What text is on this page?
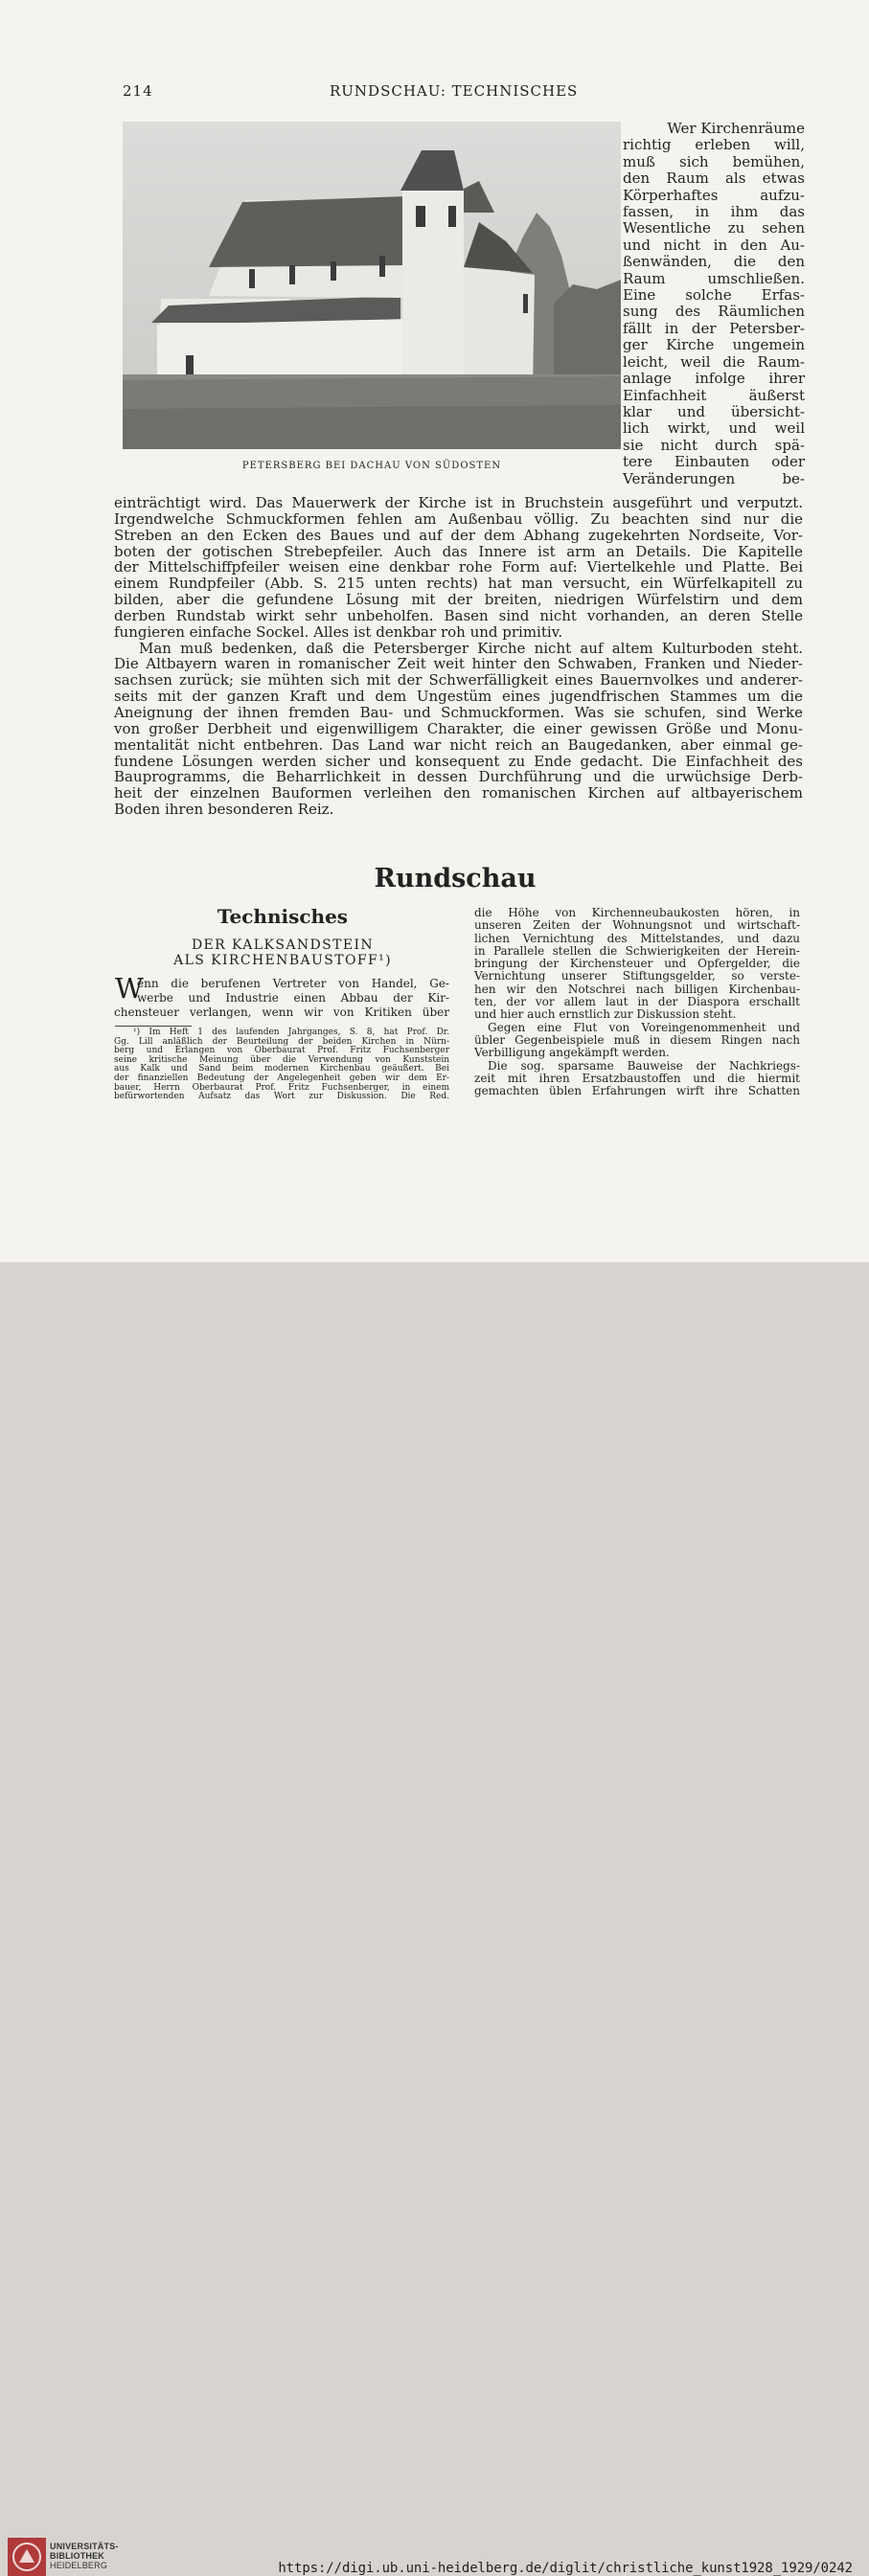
214	RUNDSCHAU: TECHNISCHES
PETERSBERG BEI DACHAU VON SÜDOSTEN
Wer Kirchenräume
richtig erleben will,
muß sich bemühen,
den Raum als etwas
Körperhaftes aufzu-
fassen, in ihm das
Wesentliche zu sehen
und nicht in den Au-
ßenwänden, die den
Raum umschließen.
Eine solche Erfas-
sung des Räumlichen
fällt in der Petersber-
ger Kirche ungemein
leicht, weil die Raum-
anlage infolge ihrer
Einfachheit äußerst
klar und übersicht-
lich wirkt, und weil
sie nicht durch spä-
tere Einbauten oder
Veränderungen be-
einträchtigt wird. Das Mauerwerk der Kirche ist in Bruchstein ausgeführt und verputzt.
Irgendwelche Schmuckformen fehlen am Außenbau völlig. Zu beachten sind nur die
Streben an den Ecken des Baues und auf der dem Abhang zugekehrten Nordseite, Vor-
boten der gotischen Strebepfeiler. Auch das Innere ist arm an Details. Die Kapitelle
der Mittelschiffpfeiler weisen eine denkbar rohe Form auf: Viertelkehle und Platte. Bei
einem Rundpfeiler (Abb. S. 215 unten rechts) hat man versucht, ein Würfelkapitell zu
bilden, aber die gefundene Lösung mit der breiten, niedrigen Würfelstirn und dem
derben Rundstab wirkt sehr unbeholfen. Basen sind nicht vorhanden, an deren Stelle
fungieren einfache Sockel. Alles ist denkbar roh und primitiv.
Man muß bedenken, daß die Petersberger Kirche nicht auf altem Kulturboden steht.
Die Altbayern waren in romanischer Zeit weit hinter den Schwaben, Franken und Nieder-
sachsen zurück; sie mühten sich mit der Schwerfälligkeit eines Bauernvolkes und anderer-
seits mit der ganzen Kraft und dem Ungestüm eines jugendfrischen Stammes um die
Aneignung der ihnen fremden Bau- und Schmuckformen. Was sie schufen, sind Werke
von großer Derbheit und eigenwilligem Charakter, die einer gewissen Größe und Monu-
mentalität nicht entbehren. Das Land war nicht reich an Baugedanken, aber einmal ge-
fundene Lösungen werden sicher und konsequent zu Ende gedacht. Die Einfachheit des
Bauprogramms, die Beharrlichkeit in dessen Durchführung und die urwüchsige Derb-
heit der einzelnen Bauformen verleihen den romanischen Kirchen auf altbayerischem
Boden ihren besonderen Reiz.
Rundschau
Technisches
DER KALKSANDSTEIN
ALS KIRCHENBAUSTOFF¹)
W
enn die berufenen Vertreter von Handel, Ge-
werbe und Industrie einen Abbau der Kir-
chensteuer verlangen, wenn wir von Kritiken über
¹) Im Heft 1 des laufenden Jahrganges, S. 8, hat Prof. Dr.
Gg. Lill anläßlich der Beurteilung der beiden Kirchen in Nürn-
berg und Erlangen von Oberbaurat Prof. Fritz Fuchsenberger
seine kritische Meinung über die Verwendung von Kunststein
aus Kalk und Sand beim modernen Kirchenbau geäußert. Bei
der finanziellen Bedeutung der Angelegenheit geben wir dem Er-
bauer, Herrn Oberbaurat Prof. Fritz Fuchsenberger, in einem
befürwortenden Aufsatz das Wort zur Diskussion. Die Red.
die Höhe von Kirchenneubaukosten hören, in
unseren Zeiten der Wohnungsnot und wirtschaft-
lichen Vernichtung des Mittelstandes, und dazu
in Parallele stellen die Schwierigkeiten der Herein-
bringung der Kirchensteuer und Opfergelder, die
Vernichtung unserer Stiftungsgelder, so verste-
hen wir den Notschrei nach billigen Kirchenbau-
ten, der vor allem laut in der Diaspora erschallt
und hier auch ernstlich zur Diskussion steht.
Gegen eine Flut von Voreingenommenheit und
übler Gegenbeispiele muß in diesem Ringen nach
Verbilligung angekämpft werden.
Die sog. sparsame Bauweise der Nachkriegs-
zeit mit ihren Ersatzbaustoffen und die hiermit
gemachten üblen Erfahrungen wirft ihre Schatten
UNIVERSITÄTS-
BIBLIOTHEK
HEIDELBERG	https://digi.ub.uni-heidelberg.de/diglit/christliche_kunst1928_1929/0242
